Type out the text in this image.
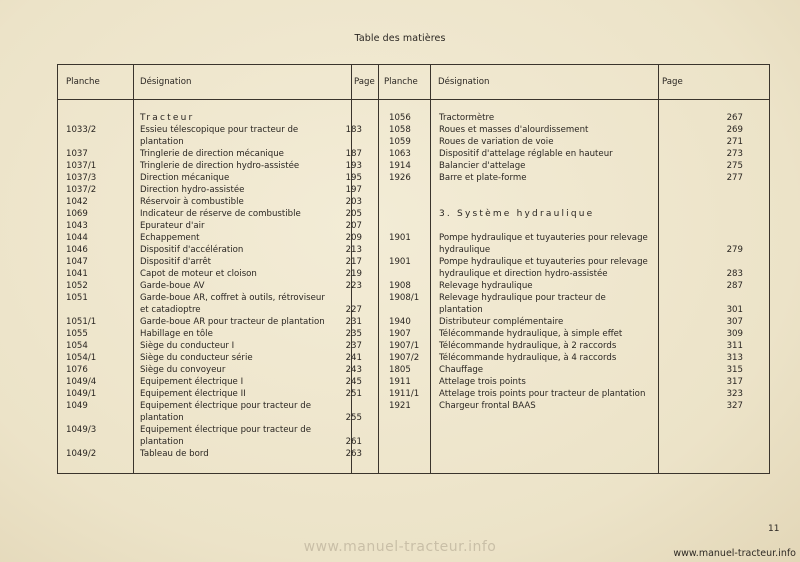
Table des matières
Planche	Désignation	Page Planche Désignation	Page
Tracteur
1033/2	Essieu télescopique pour tracteur de	183
plantation
1037	Tringlerie de direction mécanique	187
1037/1	Tringlerie de direction hydro-assistée	193
1037/3	Direction mécanique	195
1037/2	Direction hydro-assistée	197
1042	Réservoir à combustible	203
1069	Indicateur de réserve de combustible	205
1043	Epurateur d'air	207
1044	Echappement	209
1046	Dispositif d'accélération	213
1047	Dispositif d'arrêt	217
1041	Capot de moteur et cloison	219
1052	Garde-boue AV	223
1051	Garde-boue AR, coffret à outils, rétroviseur
et catadioptre	227
1051/1	Garde-boue AR pour tracteur de plantation	231
1055	Habillage en tôle	235
1054	Siège du conducteur I	237
1054/1	Siège du conducteur série	241
1076	Siège du convoyeur	243
1049/4	Equipement électrique I	245
1049/1	Equipement électrique II	251
1049	Equipement électrique pour tracteur de
plantation	255
1049/3	Equipement électrique pour tracteur de
plantation	261
1049/2	Tableau de bord	263
1056	Tractormètre	267
1058	Roues et masses d'alourdissement	269
1059	Roues de variation de voie	271
1063	Dispositif d'attelage réglable en hauteur	273
1914	Balancier d'attelage	275
1926	Barre et plate-forme	277
3. Système hydraulique
1901	Pompe hydraulique et tuyauteries pour relevage
hydraulique	279
1901	Pompe hydraulique et tuyauteries pour relevage
hydraulique et direction hydro-assistée	283
1908	Relevage hydraulique	287
1908/1 Relevage hydraulique pour tracteur de
plantation	301
1940	Distributeur complémentaire	307
1907	Télécommande hydraulique, à simple effet	309
1907/1 Télécommande hydraulique, à 2 raccords	311
1907/2 Télécommande hydraulique, à 4 raccords	313
1805	Chauffage	315
1911	Attelage trois points	317
1911/1 Attelage trois points pour tracteur de plantation	323
1921	Chargeur frontal BAAS	327
11
www.manuel-tracteur.info	www.manuel-tracteur.info
